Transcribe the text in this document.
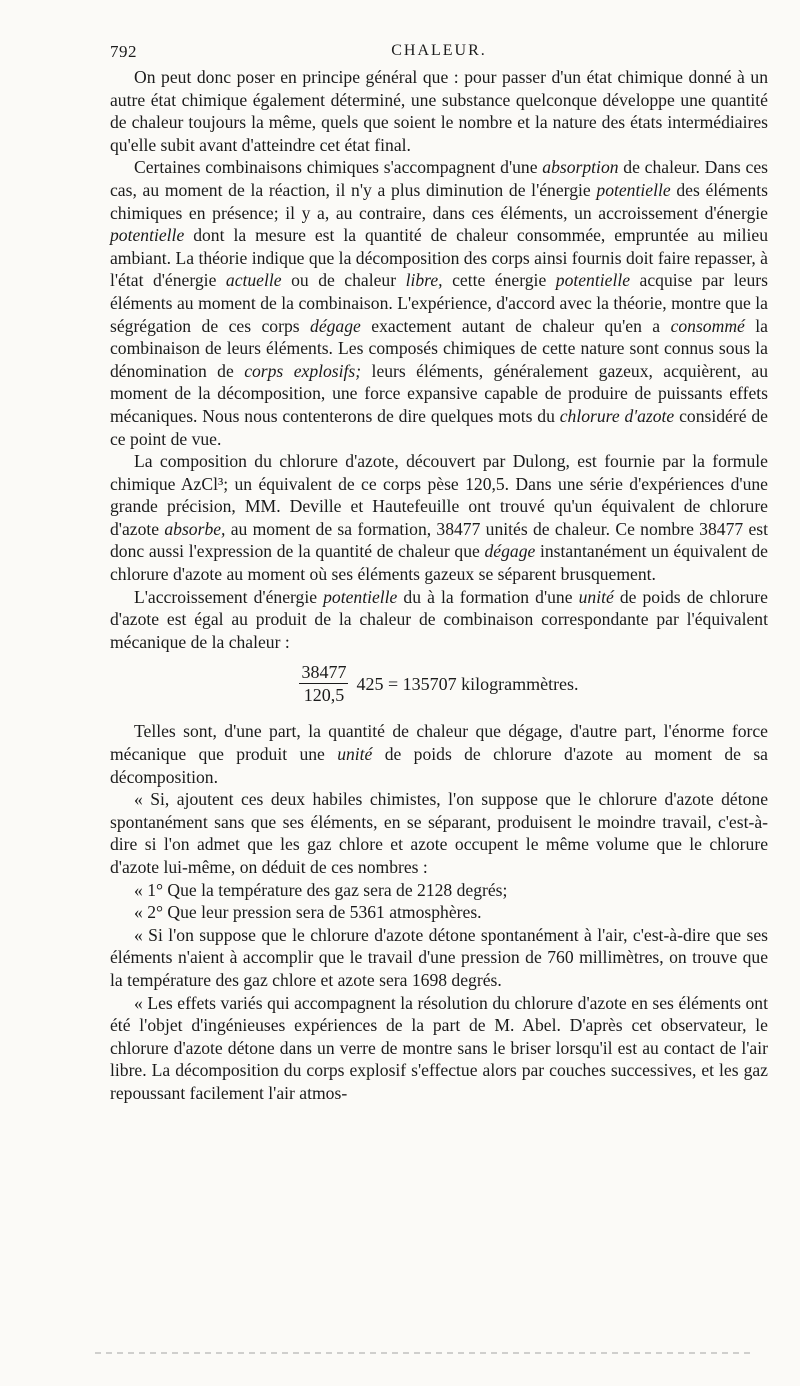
792	CHALEUR.

On peut donc poser en principe général que : pour passer d'un état chimique donné à un autre état chimique également déterminé, une substance quelconque développe une quantité de chaleur toujours la même, quels que soient le nombre et la nature des états intermédiaires qu'elle subit avant d'atteindre cet état final.

Certaines combinaisons chimiques s'accompagnent d'une absorption de chaleur. Dans ces cas, au moment de la réaction, il n'y a plus diminution de l'énergie potentielle des éléments chimiques en présence; il y a, au contraire, dans ces éléments, un accroissement d'énergie potentielle dont la mesure est la quantité de chaleur consommée, empruntée au milieu ambiant. La théorie indique que la décomposition des corps ainsi fournis doit faire repasser, à l'état d'énergie actuelle ou de chaleur libre, cette énergie potentielle acquise par leurs éléments au moment de la combinaison. L'expérience, d'accord avec la théorie, montre que la ségrégation de ces corps dégage exactement autant de chaleur qu'en a consommé la combinaison de leurs éléments. Les composés chimiques de cette nature sont connus sous la dénomination de corps explosifs; leurs éléments, généralement gazeux, acquièrent, au moment de la décomposition, une force expansive capable de produire de puissants effets mécaniques. Nous nous contenterons de dire quelques mots du chlorure d'azote considéré de ce point de vue.

La composition du chlorure d'azote, découvert par Dulong, est fournie par la formule chimique AzCl³; un équivalent de ce corps pèse 120,5. Dans une série d'expériences d'une grande précision, MM. Deville et Hautefeuille ont trouvé qu'un équivalent de chlorure d'azote absorbe, au moment de sa formation, 38477 unités de chaleur. Ce nombre 38477 est donc aussi l'expression de la quantité de chaleur que dégage instantanément un équivalent de chlorure d'azote au moment où ses éléments gazeux se séparent brusquement.

L'accroissement d'énergie potentielle du à la formation d'une unité de poids de chlorure d'azote est égal au produit de la chaleur de combinaison correspondante par l'équivalent mécanique de la chaleur :

$\frac{38477}{120,5} 425 = 135707$ kilogrammètres.

Telles sont, d'une part, la quantité de chaleur que dégage, d'autre part, l'énorme force mécanique que produit une unité de poids de chlorure d'azote au moment de sa décomposition.

« Si, ajoutent ces deux habiles chimistes, l'on suppose que le chlorure d'azote détone spontanément sans que ses éléments, en se séparant, produisent le moindre travail, c'est-à-dire si l'on admet que les gaz chlore et azote occupent le même volume que le chlorure d'azote lui-même, on déduit de ces nombres :

« 1° Que la température des gaz sera de 2128 degrés;

« 2° Que leur pression sera de 5361 atmosphères.

« Si l'on suppose que le chlorure d'azote détone spontanément à l'air, c'est-à-dire que ses éléments n'aient à accomplir que le travail d'une pression de 760 millimètres, on trouve que la température des gaz chlore et azote sera 1698 degrés.

« Les effets variés qui accompagnent la résolution du chlorure d'azote en ses éléments ont été l'objet d'ingénieuses expériences de la part de M. Abel. D'après cet observateur, le chlorure d'azote détone dans un verre de montre sans le briser lorsqu'il est au contact de l'air libre. La décomposition du corps explosif s'effectue alors par couches successives, et les gaz repoussant facilement l'air atmos-
